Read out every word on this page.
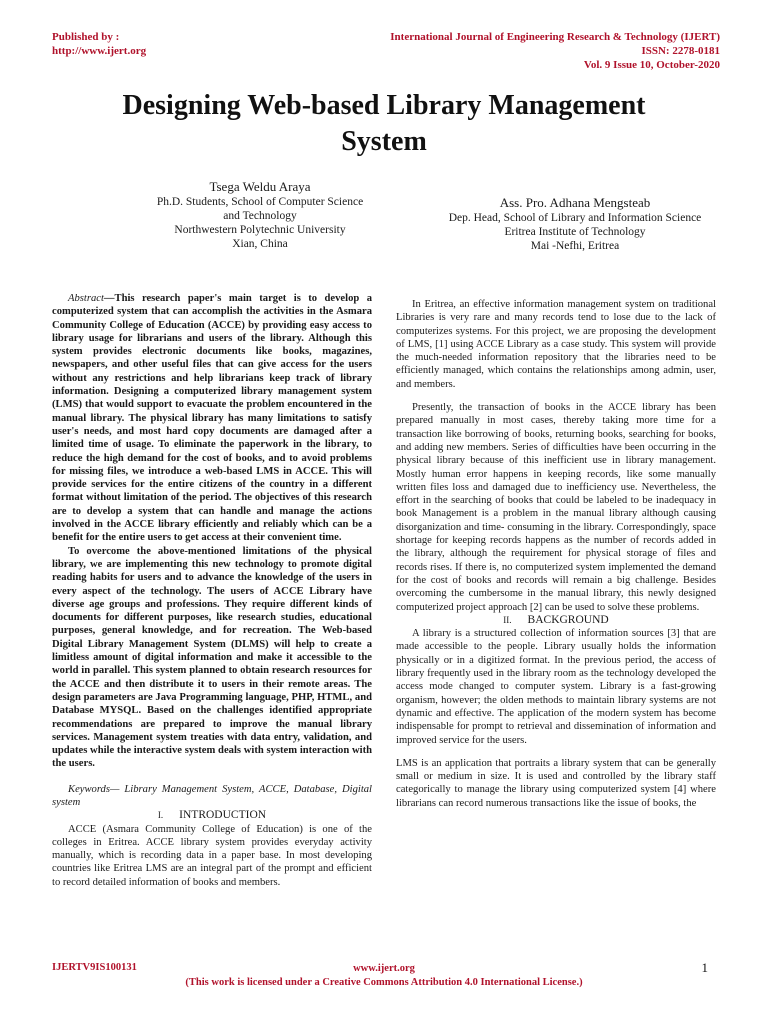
Published by :
http://www.ijert.org
International Journal of Engineering Research & Technology (IJERT)
ISSN: 2278-0181
Vol. 9 Issue 10, October-2020
Designing Web-based Library Management
System
Tsega Weldu Araya
Ph.D. Students, School of Computer Science
and Technology
Northwestern Polytechnic University
Xian, China
Ass. Pro. Adhana Mengsteab
Dep. Head, School of Library and Information Science
Eritrea Institute of Technology
Mai -Nefhi, Eritrea

Abstract—This research paper's main target is to develop a computerized system that can accomplish the activities in the Asmara Community College of Education (ACCE) by providing easy access to library usage for librarians and users of the library. Although this system provides electronic documents like books, magazines, newspapers, and other useful files that can give access for the users without any restrictions and help librarians keep track of library information. Designing a computerized library management system (LMS) that would support to evacuate the problem encountered in the manual library. The physical library has many limitations to satisfy user's needs, and most hard copy documents are damaged after a limited time of usage. To eliminate the paperwork in the library, to reduce the high demand for the cost of books, and to avoid problems for missing files, we introduce a web-based LMS in ACCE. This will provide services for the entire citizens of the country in a different format without limitation of the period. The objectives of this research are to develop a system that can handle and manage the actions involved in the ACCE library efficiently and reliably which can be a benefit for the entire users to get access at their convenient time.

To overcome the above-mentioned limitations of the physical library, we are implementing this new technology to promote digital reading habits for users and to advance the knowledge of the users in every aspect of the technology. The users of ACCE Library have diverse age groups and professions. They require different kinds of documents for different purposes, like research studies, educational purposes, general knowledge, and for recreation. The Web-based Digital Library Management System (DLMS) will help to create a limitless amount of digital information and make it accessible to the world in parallel. This system planned to obtain research resources for the ACCE and then distribute it to users in their remote areas. The design parameters are Java Programming language, PHP, HTML, and Database MYSQL. Based on the challenges identified appropriate recommendations are prepared to improve the manual library services. Management system treaties with data entry, validation, and updates while the interactive system deals with system interaction with the users.

Keywords— Library Management System, ACCE, Database, Digital system

I. INTRODUCTION

ACCE (Asmara Community College of Education) is one of the colleges in Eritrea. ACCE library system provides everyday activity manually, which is recording data in a paper base. In most developing countries like Eritrea LMS are an integral part of the prompt and efficient to record detailed information of books and members.

In Eritrea, an effective information management system on traditional Libraries is very rare and many records tend to lose due to the lack of computerizes systems. For this project, we are proposing the development of LMS, [1] using ACCE Library as a case study. This system will provide the much-needed information repository that the libraries need to be efficiently managed, which contains the relationships among admin, user, and members.

Presently, the transaction of books in the ACCE library has been prepared manually in most cases, thereby taking more time for a transaction like borrowing of books, returning books, searching for books, and adding new members. Series of difficulties have been occurring in the physical library because of this inefficient use in library management. Mostly human error happens in keeping records, like some manually written files loss and damaged due to inefficiency use. Nevertheless, the effort in the searching of books that could be labeled to be inadequacy in book Management is a problem in the manual library although causing disorganization and time- consuming in the library. Correspondingly, space shortage for keeping records happens as the number of records added in the library, although the requirement for physical storage of files and records rises. If there is, no computerized system implemented the demand for the cost of books and records will remain a big challenge. Besides overcoming the cumbersome in the manual library, this newly designed computerized project approach [2] can be used to solve these problems.

II. BACKGROUND

A library is a structured collection of information sources [3] that are made accessible to the people. Library usually holds the information physically or in a digitized format. In the previous period, the access of library frequently used in the library room as the technology developed the access mode changed to computer system. Library is a fast-growing organism, however; the olden methods to maintain library systems are not dynamic and effective. The application of the modern system has become indispensable for prompt to retrieval and dissemination of information and improved service for the users.

LMS is an application that portraits a library system that can be generally small or medium in size. It is used and controlled by the library staff categorically to manage the library using computerized system [4] where librarians can record numerous transactions like the issue of books, the

IJERTV9IS100131	www.ijert.org
(This work is licensed under a Creative Commons Attribution 4.0 International License.)
1
